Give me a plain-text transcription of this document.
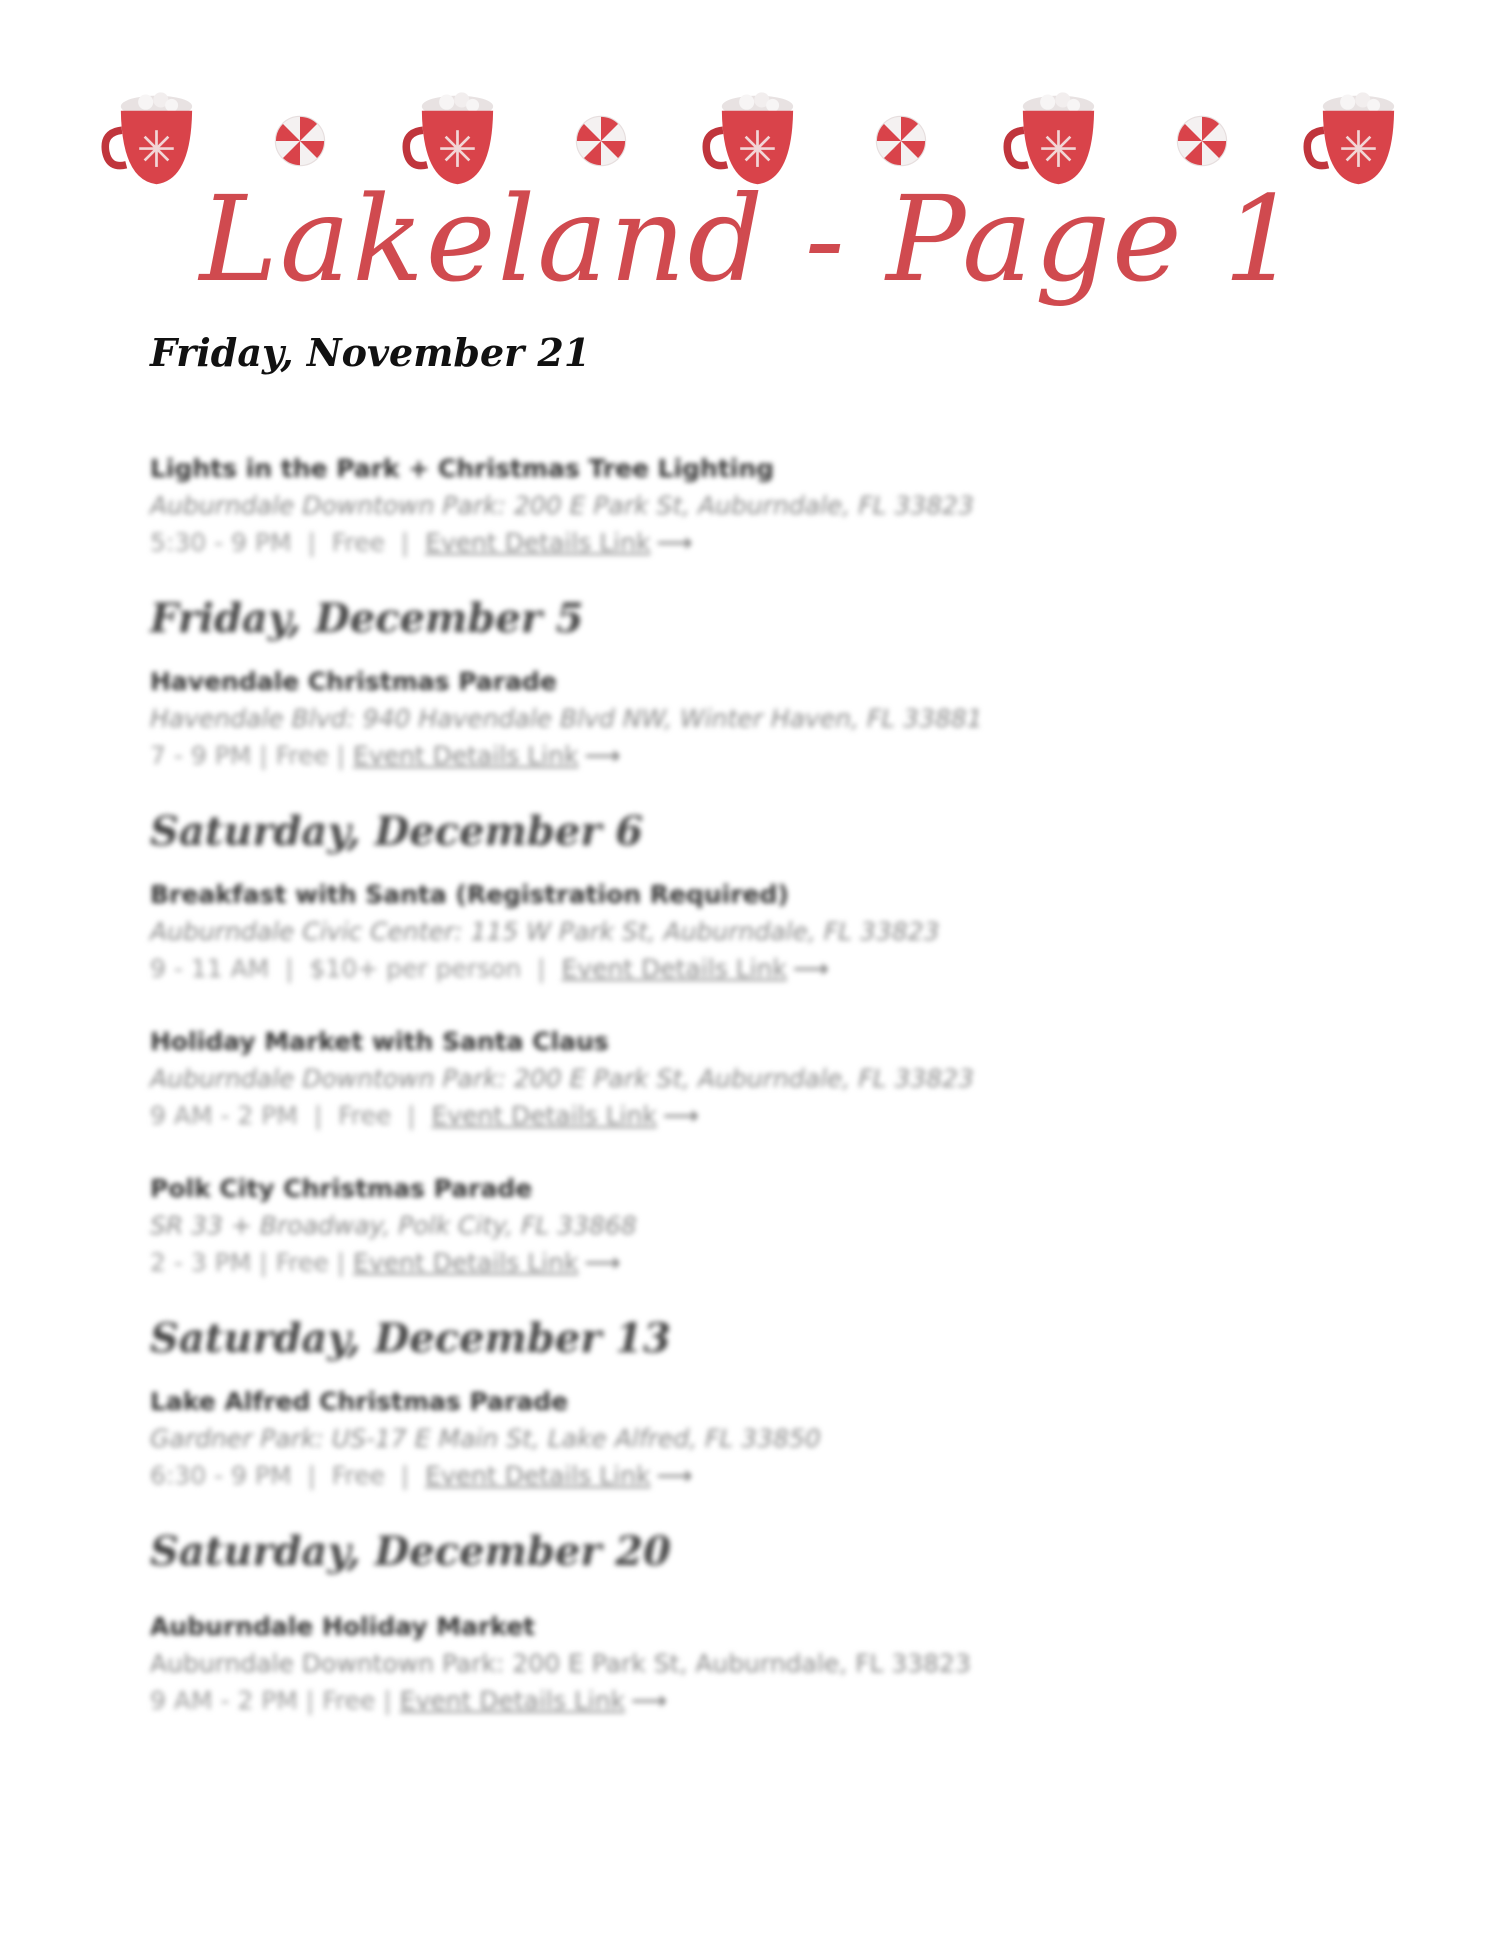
Lakeland - Page 1
Friday, November 21
Lights in the Park + Christmas Tree Lighting
Auburndale Downtown Park: 200 E Park St, Auburndale, FL 33823
5:30 - 9 PM  |  Free  |  Event Details Link ⟶
Friday, December 5
Havendale Christmas Parade
Havendale Blvd: 940 Havendale Blvd NW, Winter Haven, FL 33881
7 - 9 PM | Free | Event Details Link ⟶
Saturday, December 6
Breakfast with Santa (Registration Required)
Auburndale Civic Center: 115 W Park St, Auburndale, FL 33823
9 - 11 AM  |  $10+ per person  |  Event Details Link ⟶
Holiday Market with Santa Claus
Auburndale Downtown Park: 200 E Park St, Auburndale, FL 33823
9 AM - 2 PM  |  Free  |  Event Details Link ⟶
Polk City Christmas Parade
SR 33 + Broadway, Polk City, FL 33868
2 - 3 PM | Free | Event Details Link ⟶
Saturday, December 13
Lake Alfred Christmas Parade
Gardner Park: US-17 E Main St, Lake Alfred, FL 33850
6:30 - 9 PM  |  Free  |  Event Details Link ⟶
Saturday, December 20
Auburndale Holiday Market
Auburndale Downtown Park: 200 E Park St, Auburndale, FL 33823
9 AM - 2 PM | Free | Event Details Link ⟶
